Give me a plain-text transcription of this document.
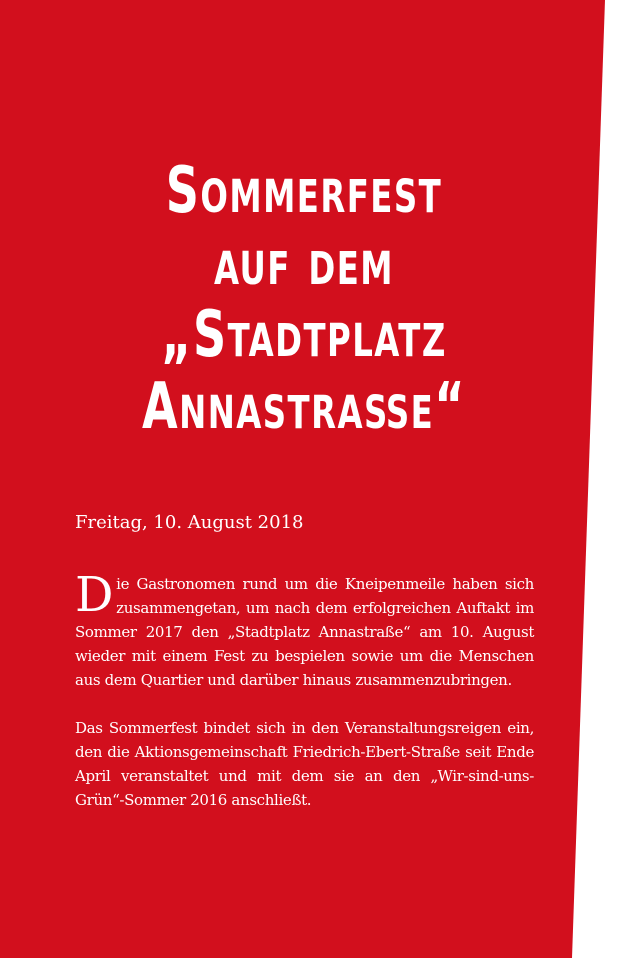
Sommerfest
auf dem
„Stadtplatz
Annastraße“

Freitag, 10. August 2018

D ie Gastronomen rund um die Kneipenmeile haben sich zusammengetan, um nach dem erfolgreichen Auftakt im Sommer 2017 den „Stadtplatz Annastraße“ am 10. August wieder mit einem Fest zu bespielen sowie um die Menschen aus dem Quartier und darüber hinaus zusammenzubringen.

Das Sommerfest bindet sich in den Veranstaltungsreigen ein, den die Aktionsgemeinschaft Friedrich-Ebert-Straße seit Ende April veranstaltet und mit dem sie an den „Wir-sind-uns-Grün“-Sommer 2016 anschließt.
